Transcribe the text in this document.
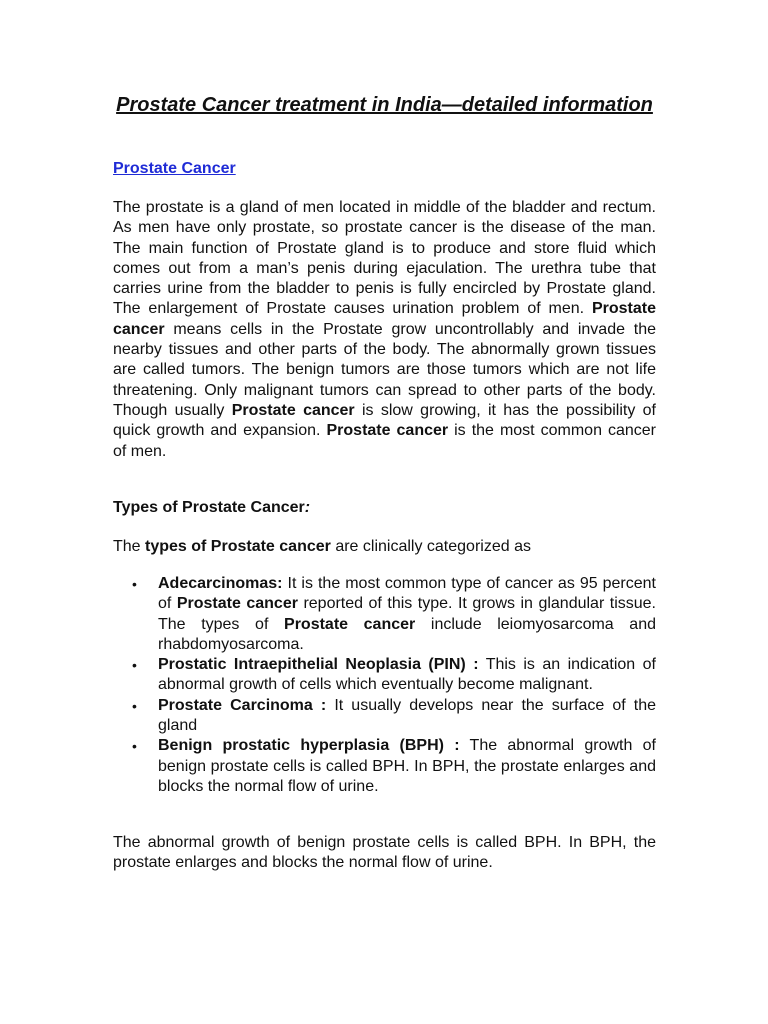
Prostate Cancer treatment in India—detailed information
Prostate Cancer

The prostate is a gland of men located in middle of the bladder and rectum. As men have only prostate, so prostate cancer is the disease of the man. The main function of Prostate gland is to produce and store fluid which comes out from a man’s penis during ejaculation. The urethra tube that carries urine from the bladder to penis is fully encircled by Prostate gland. The enlargement of Prostate causes urination problem of men. Prostate cancer means cells in the Prostate grow uncontrollably and invade the nearby tissues and other parts of the body. The abnormally grown tissues are called tumors. The benign tumors are those tumors which are not life threatening. Only malignant tumors can spread to other parts of the body. Though usually Prostate cancer is slow growing, it has the possibility of quick growth and expansion. Prostate cancer is the most common cancer of men.

Types of Prostate Cancer:

The types of Prostate cancer are clinically categorized as

• Adecarcinomas: It is the most common type of cancer as 95 percent of Prostate cancer reported of this type. It grows in glandular tissue. The types of Prostate cancer include leiomyosarcoma and rhabdomyosarcoma.
• Prostatic Intraepithelial Neoplasia (PIN) : This is an indication of abnormal growth of cells which eventually become malignant.
• Prostate Carcinoma : It usually develops near the surface of the gland
• Benign prostatic hyperplasia (BPH) : The abnormal growth of benign prostate cells is called BPH. In BPH, the prostate enlarges and blocks the normal flow of urine.

The abnormal growth of benign prostate cells is called BPH. In BPH, the prostate enlarges and blocks the normal flow of urine.
